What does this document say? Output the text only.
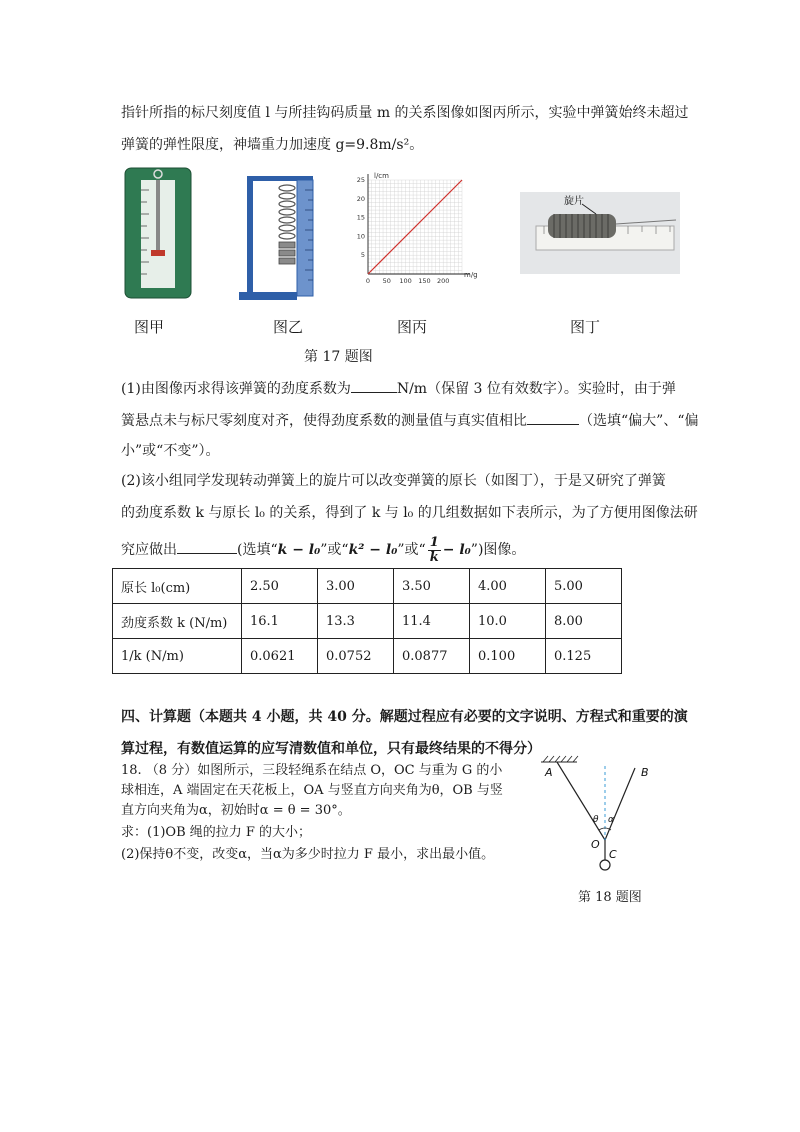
指针所指的标尺刻度值 l 与所挂钩码质量 m 的关系图像如图丙所示，实验中弹簧始终未超过
弹簧的弹性限度，神墙重力加速度 g=9.8m/s²。
0 50 100 150 200
5
10
15
20
25 l/cm
m/g
旋片
图甲	图乙	图丙	图丁
第 17 题图
(1)由图像丙求得该弹簧的劲度系数为	N/m（保留 3 位有效数字）。实验时，由于弹
簧悬点未与标尺零刻度对齐，使得劲度系数的测量值与真实值相比	（选填“偏大”、“偏
小”或“不变”）。
(2)该小组同学发现转动弹簧上的旋片可以改变弹簧的原长（如图丁），于是又研究了弹簧
的劲度系数 k 与原长 l₀ 的关系，得到了 k 与 l₀ 的几组数据如下表所示，为了方便用图像法研
究应做出	(选填“k − l₀”或“k² − l₀”或“ $\frac{1}{k}$ − l₀”)图像。
原长 l₀(cm)	2.50	3.00	3.50	4.00	5.00
劲度系数 k (N/m)	16.1	13.3	11.4	10.0	8.00
1/k (N/m)	0.0621	0.0752	0.0877	0.100	0.125
四、计算题（本题共 4 小题，共 40 分。解题过程应有必要的文字说明、方程式和重要的演
算过程，有数值运算的应写清数值和单位，只有最终结果的不得分）
18. （8 分）如图所示，三段轻绳系在结点 O，OC 与重为 G 的小
球相连，A 端固定在天花板上，OA 与竖直方向夹角为θ，OB 与竖
直方向夹角为α，初始时α = θ = 30°。
求：(1)OB 绳的拉力 F 的大小；
(2)保持θ不变，改变α，当α为多少时拉力 F 最小，求出最小值。
A	B
θ α
O
C
第 18 题图
